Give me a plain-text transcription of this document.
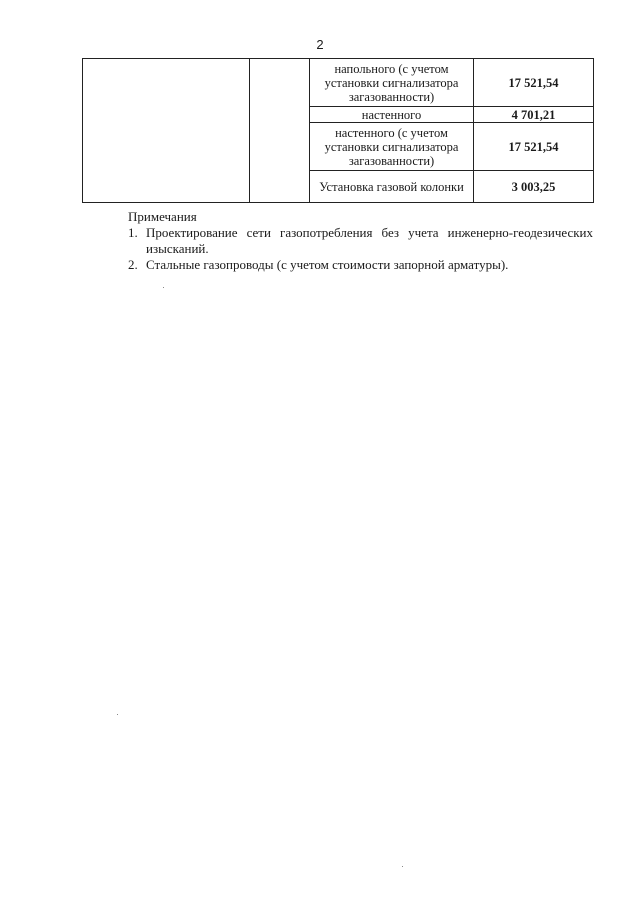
2
		напольного (с учетом установки сигнализатора загазованности)	17 521,54
		настенного	4 701,21
		настенного (с учетом установки сигнализатора загазованности)	17 521,54
		Установка газовой колонки	3 003,25

Примечания

1. Проектирование сети газопотребления без учета инженерно-геодезических изысканий.
2. Стальные газопроводы (с учетом стоимости запорной арматуры).
